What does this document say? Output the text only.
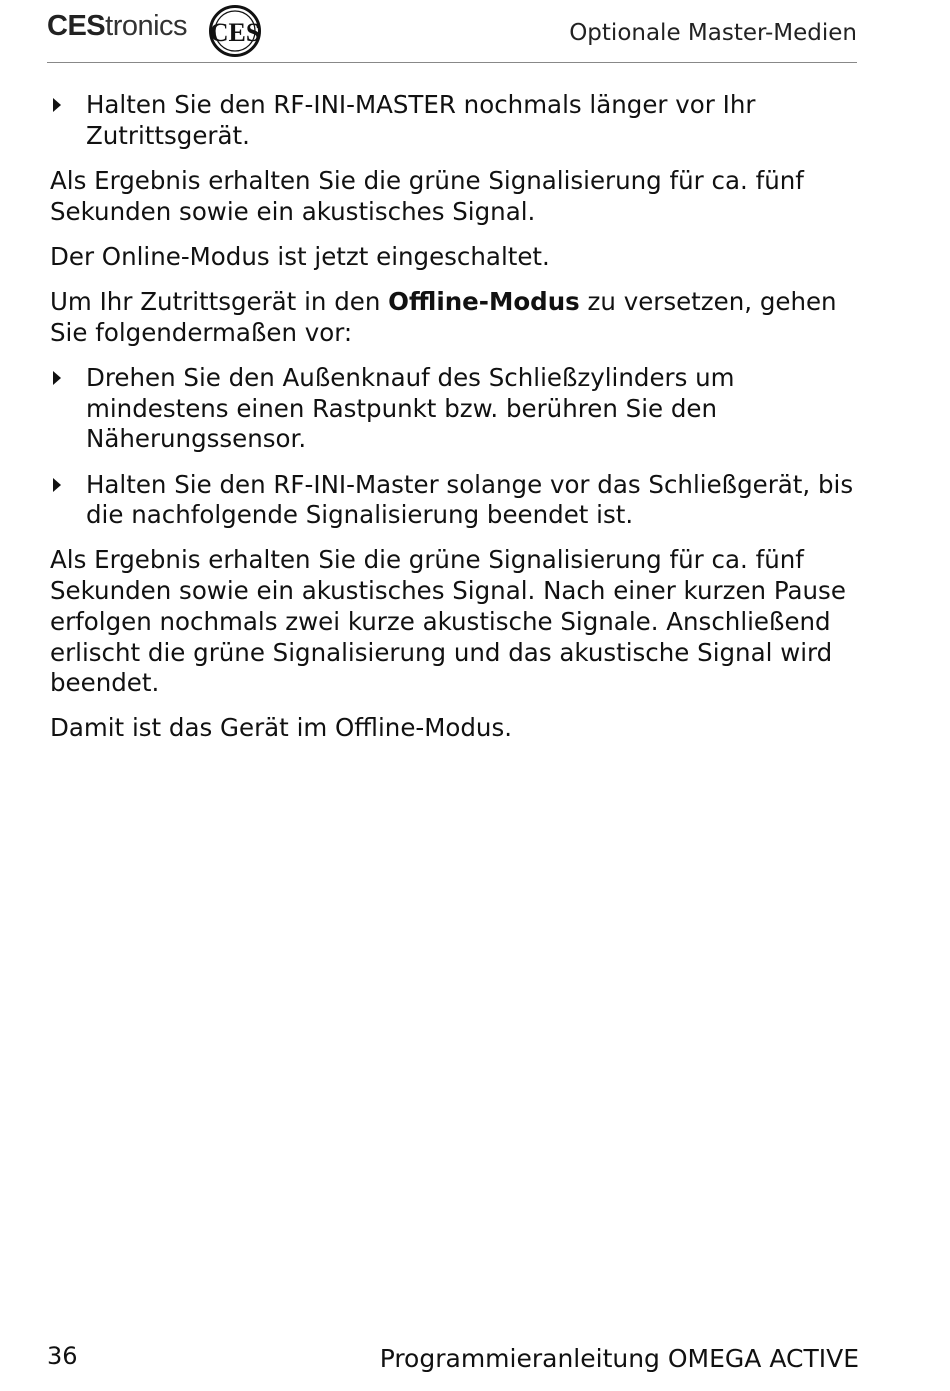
CEStronics CES	Optionale Master-Medien
Halten Sie den RF-INI-MASTER nochmals länger vor Ihr Zutrittsgerät.

Als Ergebnis erhalten Sie die grüne Signalisierung für ca. fünf Sekunden sowie ein akustisches Signal.

Der Online-Modus ist jetzt eingeschaltet.

Um Ihr Zutrittsgerät in den Offline-Modus zu versetzen, gehen Sie folgendermaßen vor:

Drehen Sie den Außenknauf des Schließzylinders um mindestens einen Rastpunkt bzw. berühren Sie den Näherungssensor.
Halten Sie den RF-INI-Master solange vor das Schließgerät, bis die nachfolgende Signalisierung beendet ist.

Als Ergebnis erhalten Sie die grüne Signalisierung für ca. fünf Sekunden sowie ein akustisches Signal. Nach einer kurzen Pause erfolgen nochmals zwei kurze akustische Signale. Anschließend erlischt die grüne Signalisierung und das akustische Signal wird beendet.

Damit ist das Gerät im Offline-Modus.

36	Programmieranleitung OMEGA ACTIVE
